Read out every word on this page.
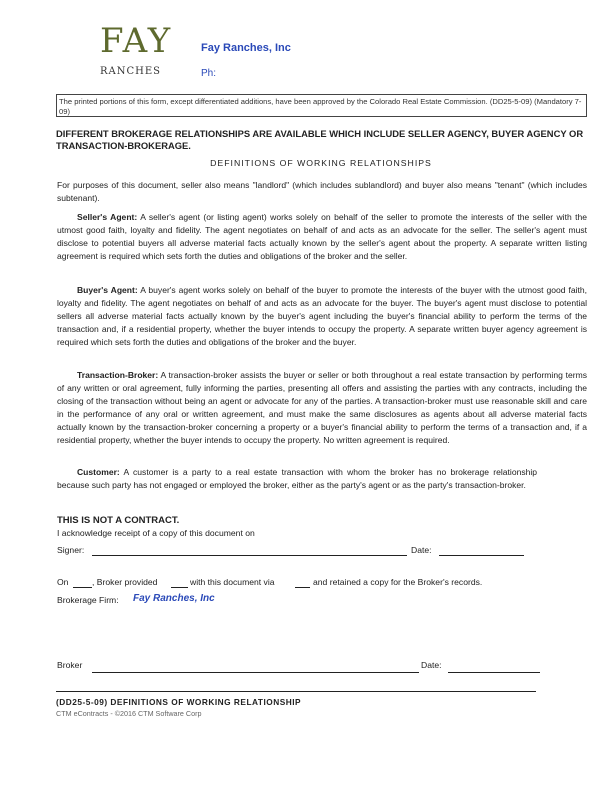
FAY
RANCHES
Fay Ranches, Inc
Ph:
The printed portions of this form, except differentiated additions, have been approved by the Colorado Real Estate Commission. (DD25-5-09) (Mandatory 7-09)
DIFFERENT BROKERAGE RELATIONSHIPS ARE AVAILABLE WHICH INCLUDE SELLER AGENCY, BUYER AGENCY OR TRANSACTION-BROKERAGE.
DEFINITIONS OF WORKING RELATIONSHIPS

For purposes of this document, seller also means "landlord" (which includes sublandlord) and buyer also means "tenant" (which includes subtenant).

Seller's Agent: A seller's agent (or listing agent) works solely on behalf of the seller to promote the interests of the seller with the utmost good faith, loyalty and fidelity. The agent negotiates on behalf of and acts as an advocate for the seller. The seller's agent must disclose to potential buyers all adverse material facts actually known by the seller's agent about the property. A separate written listing agreement is required which sets forth the duties and obligations of the broker and the seller.

Buyer's Agent: A buyer's agent works solely on behalf of the buyer to promote the interests of the buyer with the utmost good faith, loyalty and fidelity. The agent negotiates on behalf of and acts as an advocate for the buyer. The buyer's agent must disclose to potential sellers all adverse material facts actually known by the buyer's agent including the buyer's financial ability to perform the terms of the transaction and, if a residential property, whether the buyer intends to occupy the property. A separate written buyer agency agreement is required which sets forth the duties and obligations of the broker and the buyer.

Transaction-Broker: A transaction-broker assists the buyer or seller or both throughout a real estate transaction by performing terms of any written or oral agreement, fully informing the parties, presenting all offers and assisting the parties with any contracts, including the closing of the transaction without being an agent or advocate for any of the parties. A transaction-broker must use reasonable skill and care in the performance of any oral or written agreement, and must make the same disclosures as agents about all adverse material facts actually known by the transaction-broker concerning a property or a buyer's financial ability to perform the terms of a transaction and, if a residential property, whether the buyer intends to occupy the property. No written agreement is required.

Customer: A customer is a party to a real estate transaction with whom the broker has no brokerage relationship because such party has not engaged or employed the broker, either as the party's agent or as the party's transaction-broker.

THIS IS NOT A CONTRACT.
I acknowledge receipt of a copy of this document on
Signer:	Date:
On	, Broker provided	with this document via	and retained a copy for the Broker's records.
Brokerage Firm: Fay Ranches, Inc
Broker	Date:
(DD25-5-09) DEFINITIONS OF WORKING RELATIONSHIP
CTM eContracts - ©2016 CTM Software Corp
